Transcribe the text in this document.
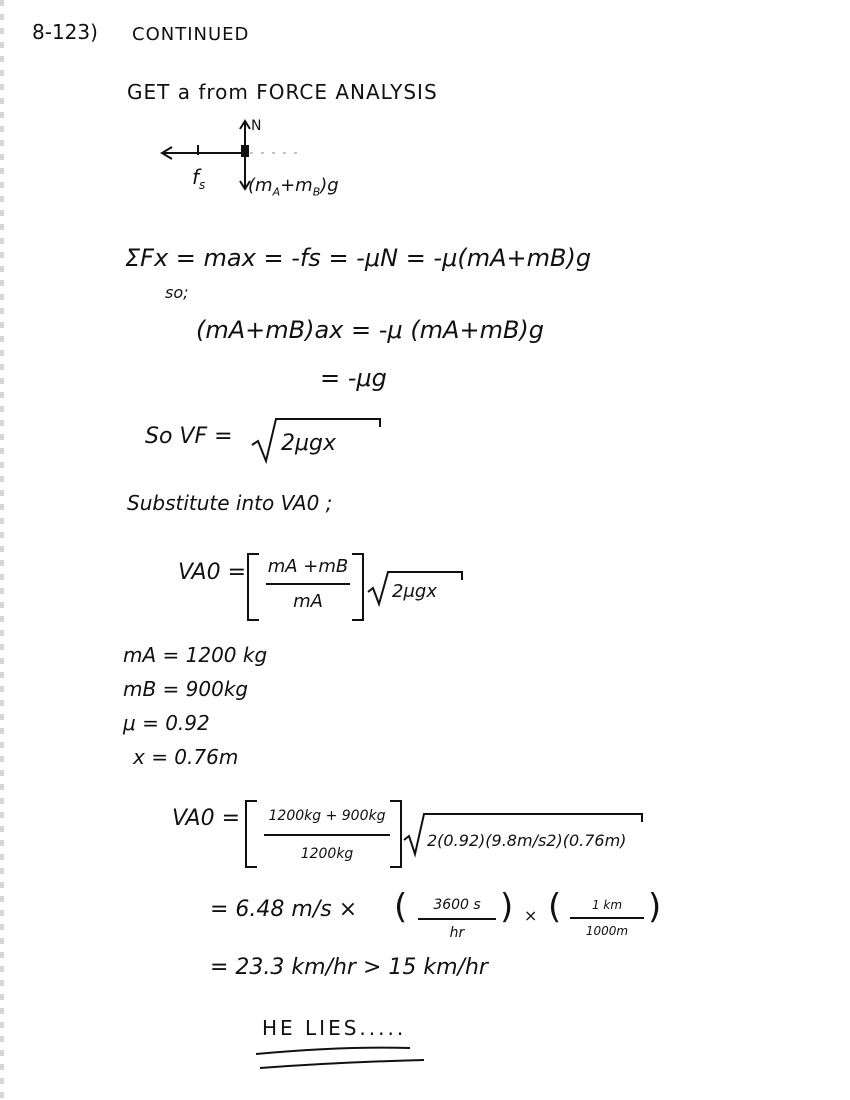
8-123) CONTINUED
GET a from FORCE ANALYSIS
N
$f_s$ $(m_A+m_B)g$
ΣFx = max = -fs = -μN = -μ(mA+mB)g
so;
(mA+mB)ax = -μ (mA+mB)g
= -μg
So VF = 2μgx
Substitute into VA0 ;
VA0 = mA +mB
mA	2μgx
mA = 1200 kg
mB = 900kg
μ = 0.92
x = 0.76m
VA0 = 1200kg + 900kg
1200kg
2(0.92)(9.8m/s2)(0.76m)
= 6.48 m/s × ( 3600 s
hr
) × (	1 km
1000m
)
= 23.3 km/hr > 15 km/hr
HE LIES.....
